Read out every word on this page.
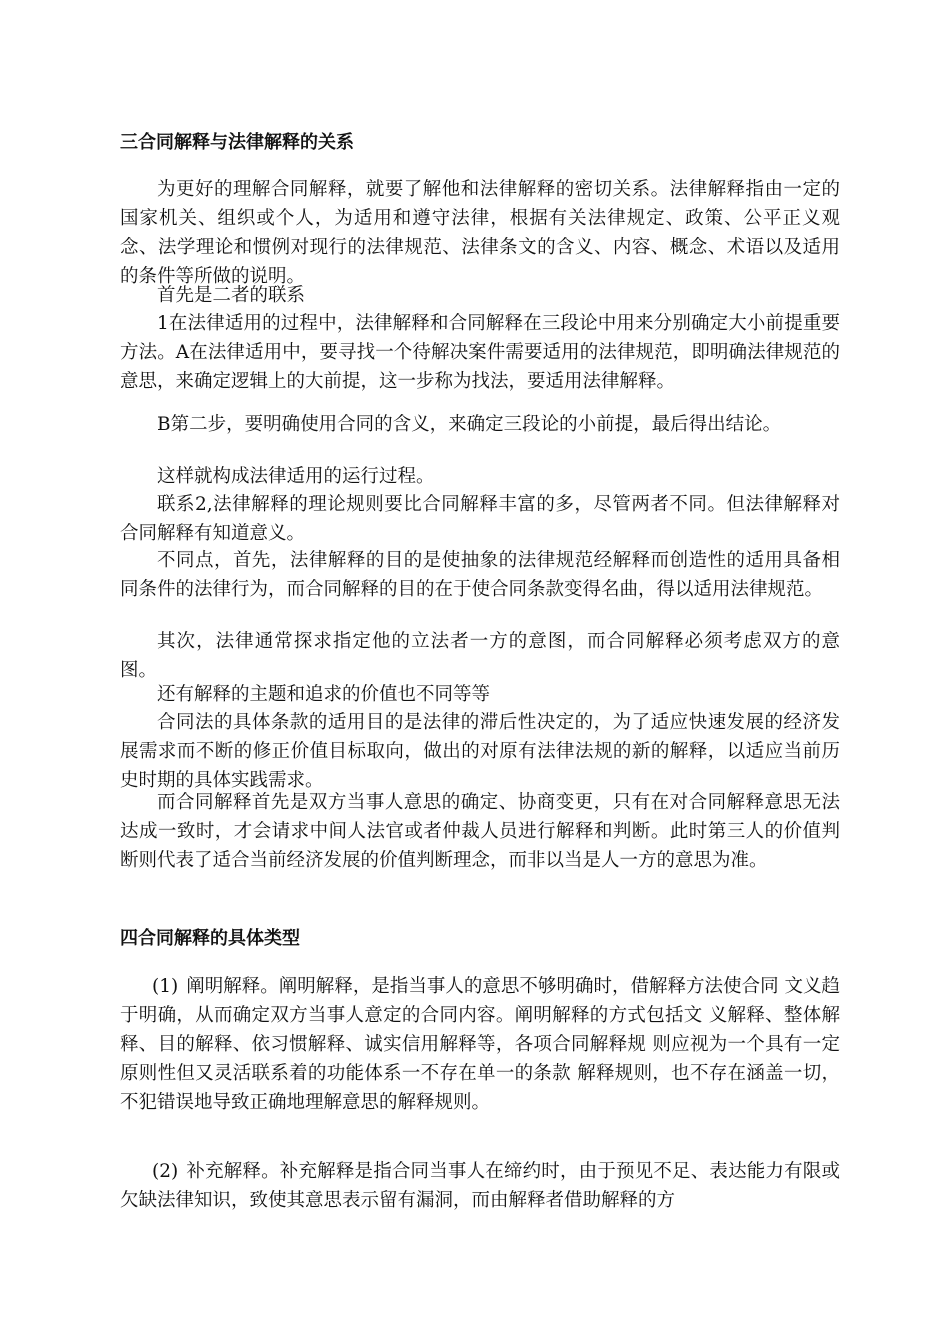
三合同解释与法律解释的关系

为更好的理解合同解释，就要了解他和法律解释的密切关系。法律解释指由一定的国家机关、组织或个人，为适用和遵守法律，根据有关法律规定、政策、公平正义观念、法学理论和惯例对现行的法律规范、法律条文的含义、内容、概念、术语以及适用的条件等所做的说明。

首先是二者的联系

1在法律适用的过程中，法律解释和合同解释在三段论中用来分别确定大小前提重要方法。A在法律适用中，要寻找一个待解决案件需要适用的法律规范，即明确法律规范的意思，来确定逻辑上的大前提，这一步称为找法，要适用法律解释。

B第二步，要明确使用合同的含义，来确定三段论的小前提，最后得出结论。

这样就构成法律适用的运行过程。

联系2,法律解释的理论规则要比合同解释丰富的多，尽管两者不同。但法律解释对合同解释有知道意义。

不同点，首先，法律解释的目的是使抽象的法律规范经解释而创造性的适用具备相同条件的法律行为，而合同解释的目的在于使合同条款变得名曲，得以适用法律规范。

其次，法律通常探求指定他的立法者一方的意图，而合同解释必须考虑双方的意图。

还有解释的主题和追求的价值也不同等等

合同法的具体条款的适用目的是法律的滞后性决定的，为了适应快速发展的经济发展需求而不断的修正价值目标取向，做出的对原有法律法规的新的解释，以适应当前历史时期的具体实践需求。

而合同解释首先是双方当事人意思的确定、协商变更，只有在对合同解释意思无法达成一致时，才会请求中间人法官或者仲裁人员进行解释和判断。此时第三人的价值判断则代表了适合当前经济发展的价值判断理念，而非以当是人一方的意思为准。

四合同解释的具体类型

(1) 阐明解释。阐明解释，是指当事人的意思不够明确时，借解释方法使合同 文义趋于明确，从而确定双方当事人意定的合同内容。阐明解释的方式包括文 义解释、整体解释、目的解释、依习惯解释、诚实信用解释等，各项合同解释规 则应视为一个具有一定原则性但又灵活联系着的功能体系一不存在单一的条款 解释规则，也不存在涵盖一切，不犯错误地导致正确地理解意思的解释规则。

(2) 补充解释。补充解释是指合同当事人在缔约时，由于预见不足、表达能力有限或欠缺法律知识，致使其意思表示留有漏洞，而由解释者借助解释的方
